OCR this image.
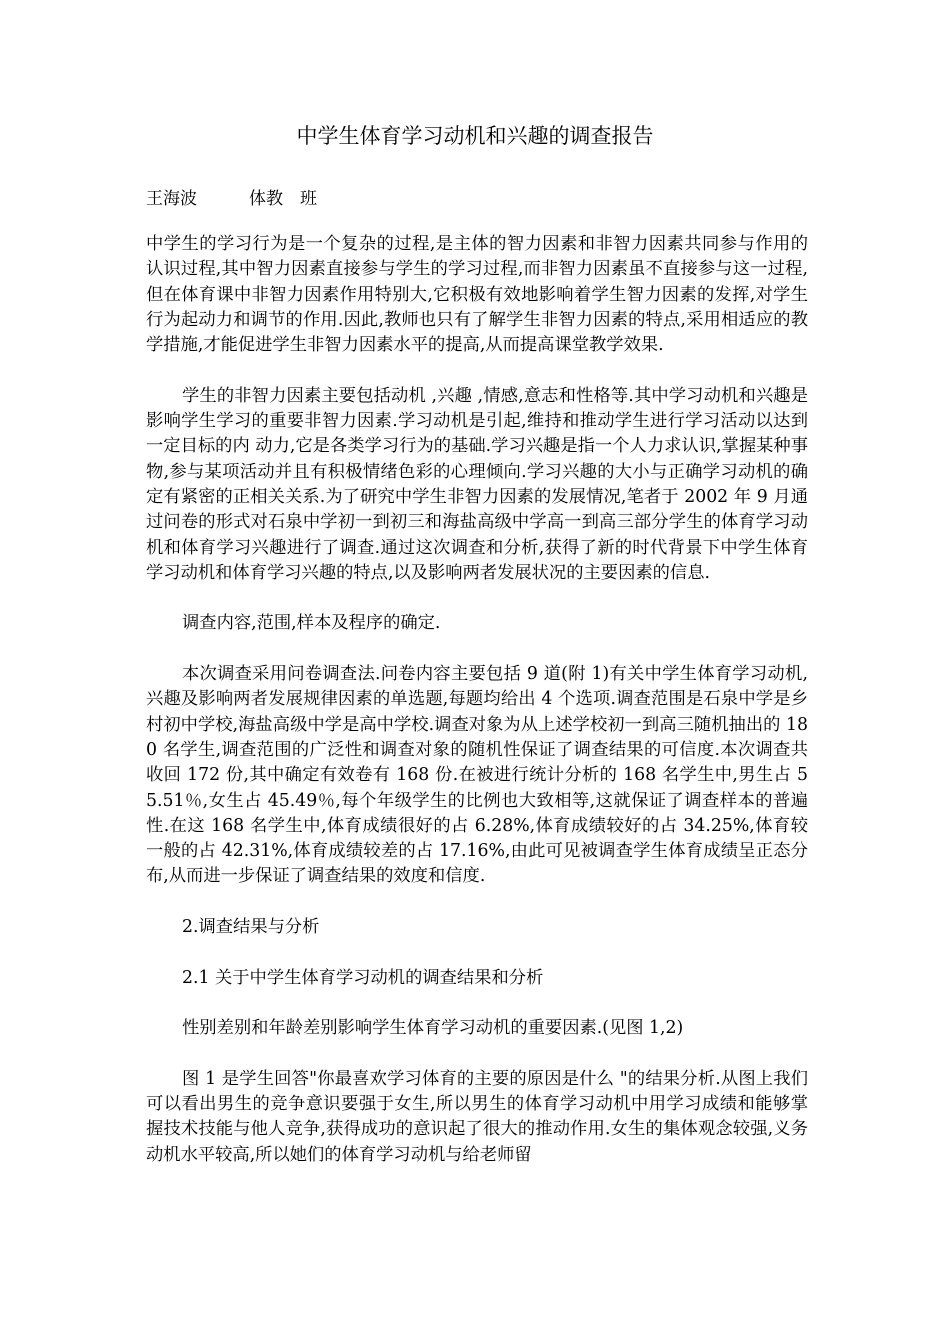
中学生体育学习动机和兴趣的调查报告
王海波	体教　班

中学生的学习行为是一个复杂的过程,是主体的智力因素和非智力因素共同参与作用的认识过程,其中智力因素直接参与学生的学习过程,而非智力因素虽不直接参与这一过程,但在体育课中非智力因素作用特别大,它积极有效地影响着学生智力因素的发挥,对学生行为起动力和调节的作用.因此,教师也只有了解学生非智力因素的特点,采用相适应的教学措施,才能促进学生非智力因素水平的提高,从而提高课堂教学效果.

学生的非智力因素主要包括动机 ,兴趣 ,情感,意志和性格等.其中学习动机和兴趣是影响学生学习的重要非智力因素.学习动机是引起,维持和推动学生进行学习活动以达到一定目标的内 动力,它是各类学习行为的基础.学习兴趣是指一个人力求认识,掌握某种事物,参与某项活动并且有积极情绪色彩的心理倾向.学习兴趣的大小与正确学习动机的确定有紧密的正相关关系.为了研究中学生非智力因素的发展情况,笔者于 2002 年 9 月通过问卷的形式对石泉中学初一到初三和海盐高级中学高一到高三部分学生的体育学习动机和体育学习兴趣进行了调查.通过这次调查和分析,获得了新的时代背景下中学生体育学习动机和体育学习兴趣的特点,以及影响两者发展状况的主要因素的信息.

调查内容,范围,样本及程序的确定.

本次调查采用问卷调查法.问卷内容主要包括 9 道(附 1)有关中学生体育学习动机,兴趣及影响两者发展规律因素的单选题,每题均给出 4 个选项.调查范围是石泉中学是乡村初中学校,海盐高级中学是高中学校.调查对象为从上述学校初一到高三随机抽出的 180 名学生,调查范围的广泛性和调查对象的随机性保证了调查结果的可信度.本次调查共收回 172 份,其中确定有效卷有 168 份.在被进行统计分析的 168 名学生中,男生占 55.51％,女生占 45.49％,每个年级学生的比例也大致相等,这就保证了调查样本的普遍性.在这 168 名学生中,体育成绩很好的占 6.28%,体育成绩较好的占 34.25%,体育较一般的占 42.31%,体育成绩较差的占 17.16%,由此可见被调查学生体育成绩呈正态分布,从而进一步保证了调查结果的效度和信度.

2.调查结果与分析

2.1 关于中学生体育学习动机的调查结果和分析

性别差别和年龄差别影响学生体育学习动机的重要因素.(见图 1,2)

图 1 是学生回答"你最喜欢学习体育的主要的原因是什么 "的结果分析.从图上我们可以看出男生的竞争意识要强于女生,所以男生的体育学习动机中用学习成绩和能够掌握技术技能与他人竞争,获得成功的意识起了很大的推动作用.女生的集体观念较强,义务动机水平较高,所以她们的体育学习动机与给老师留
